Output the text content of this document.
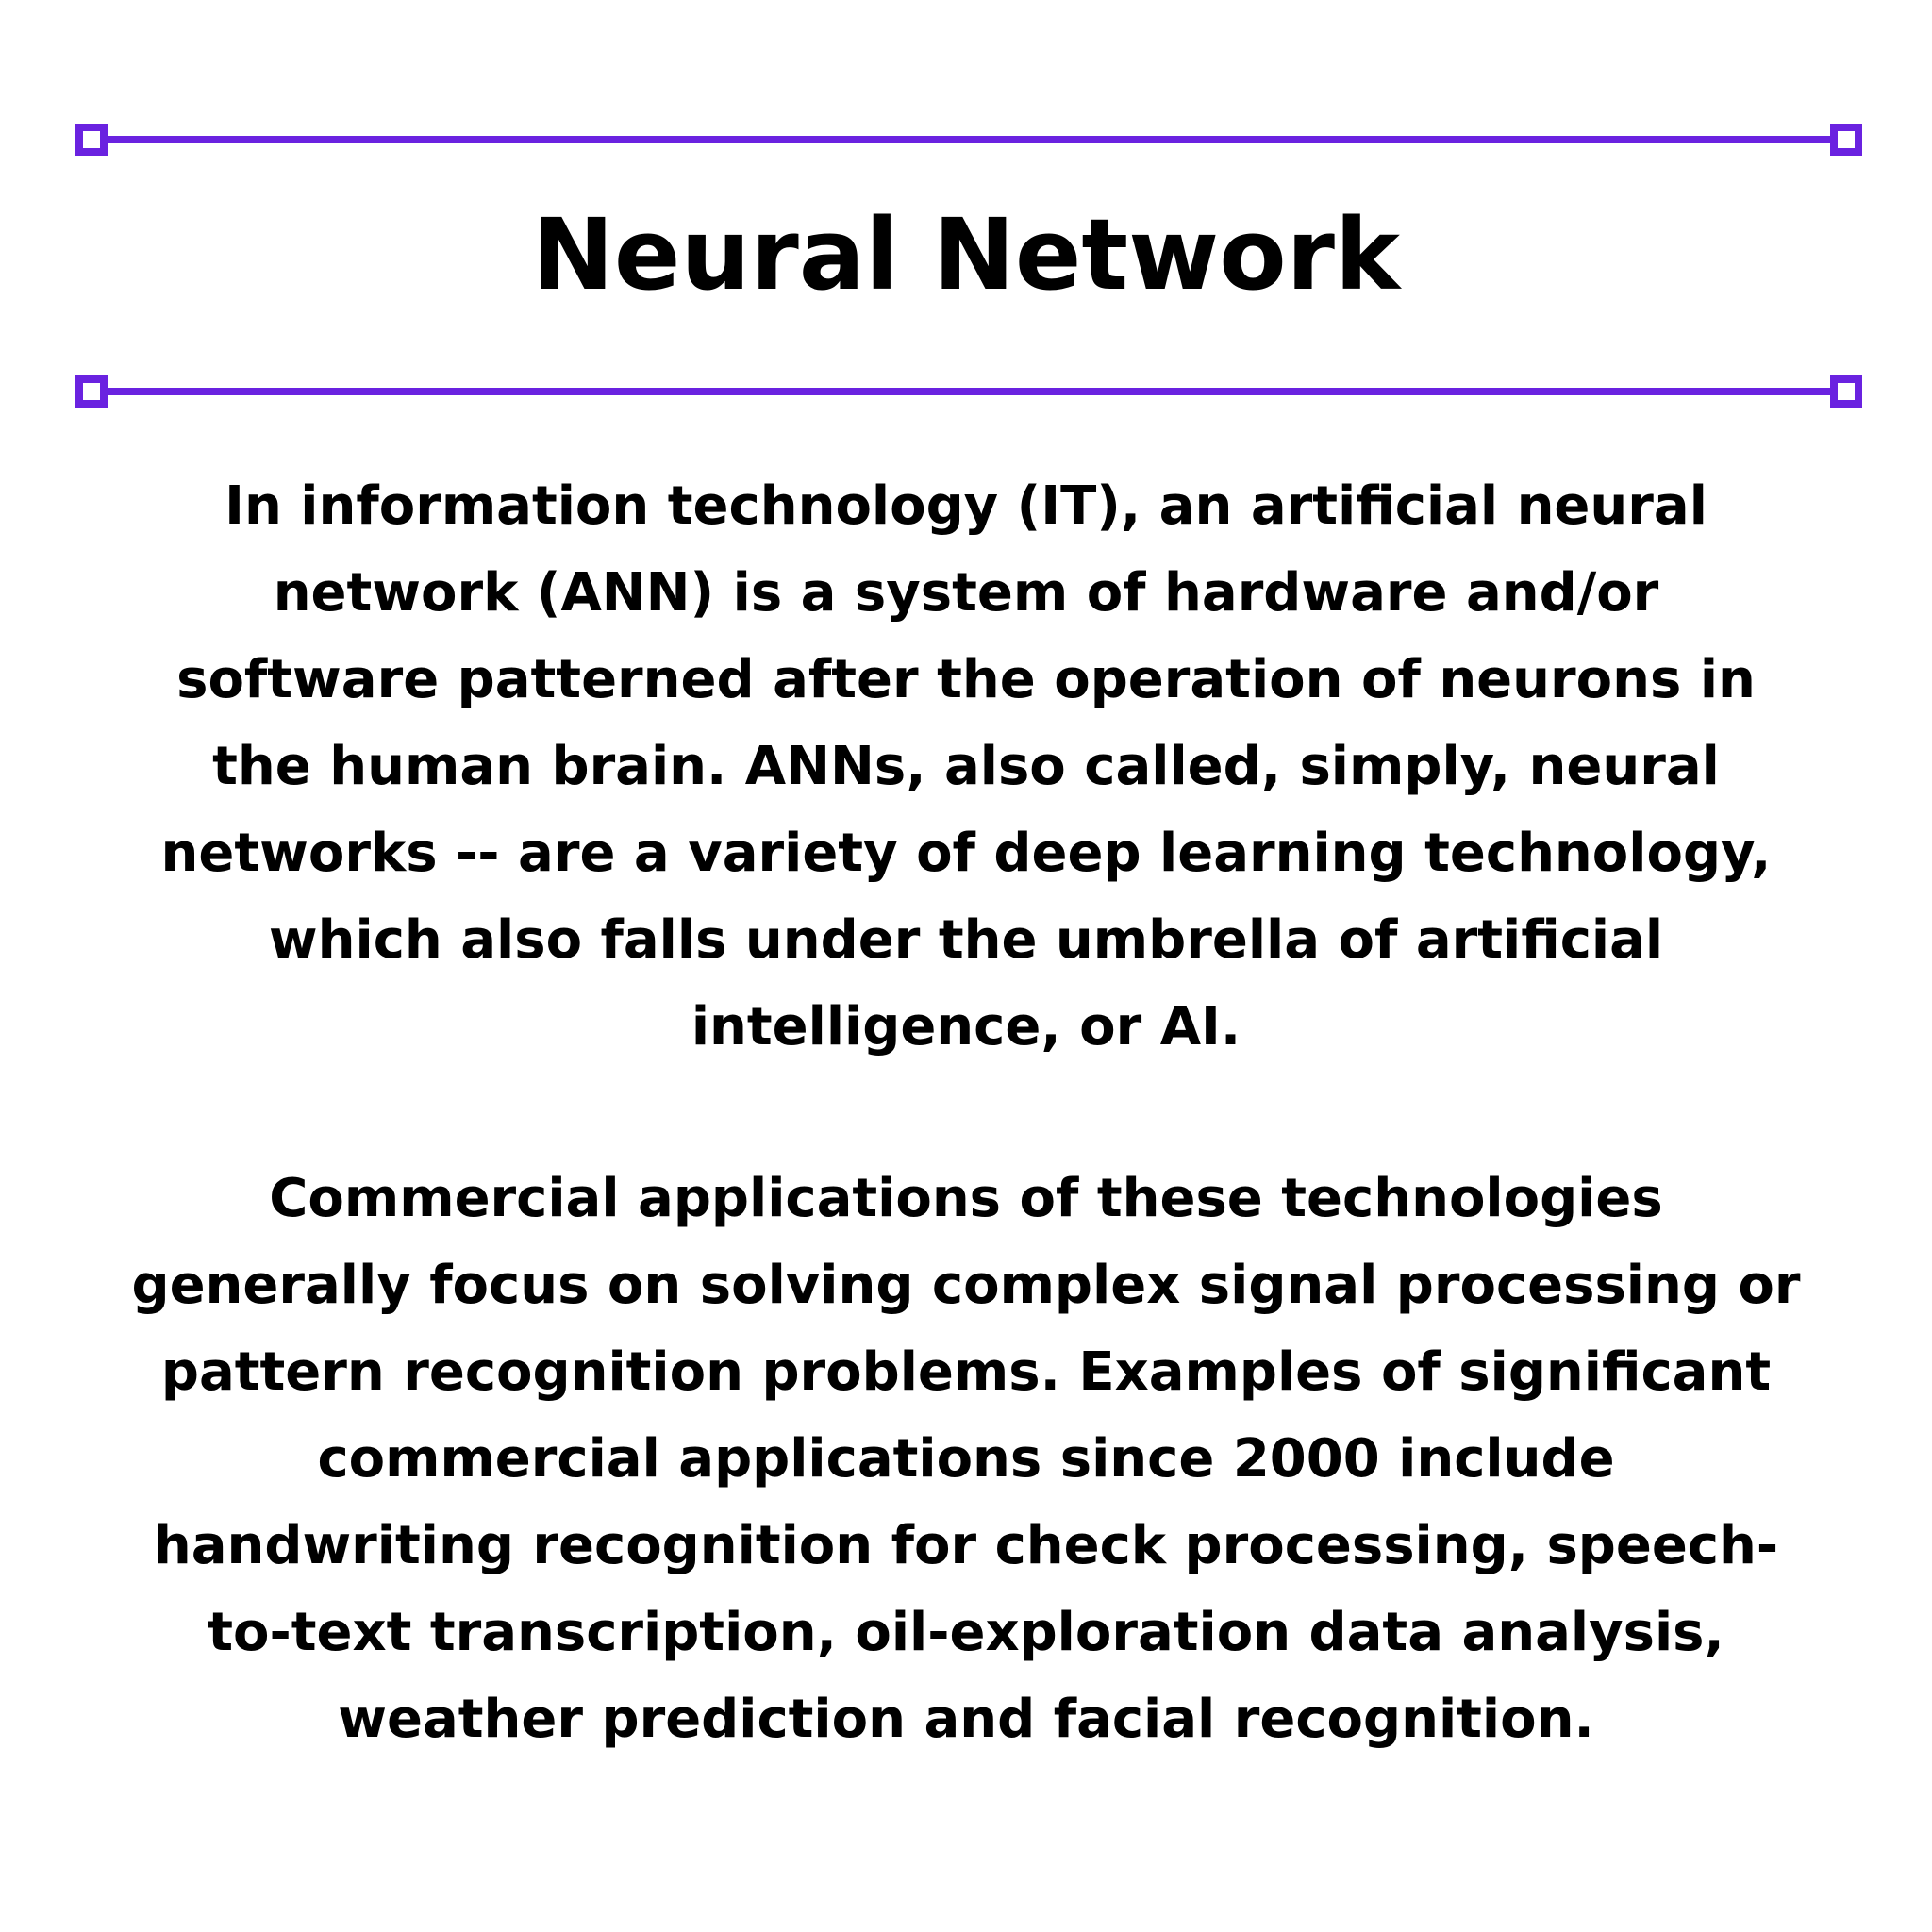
Neural Network
In information technology (IT), an artificial neural
network (ANN) is a system of hardware and/or
software patterned after the operation of neurons in
the human brain. ANNs, also called, simply, neural
networks -- are a variety of deep learning technology,
which also falls under the umbrella of artificial
intelligence, or AI.
Commercial applications of these technologies
generally focus on solving complex signal processing or
pattern recognition problems. Examples of significant
commercial applications since 2000 include
handwriting recognition for check processing, speech-
to-text transcription, oil-exploration data analysis,
weather prediction and facial recognition.
